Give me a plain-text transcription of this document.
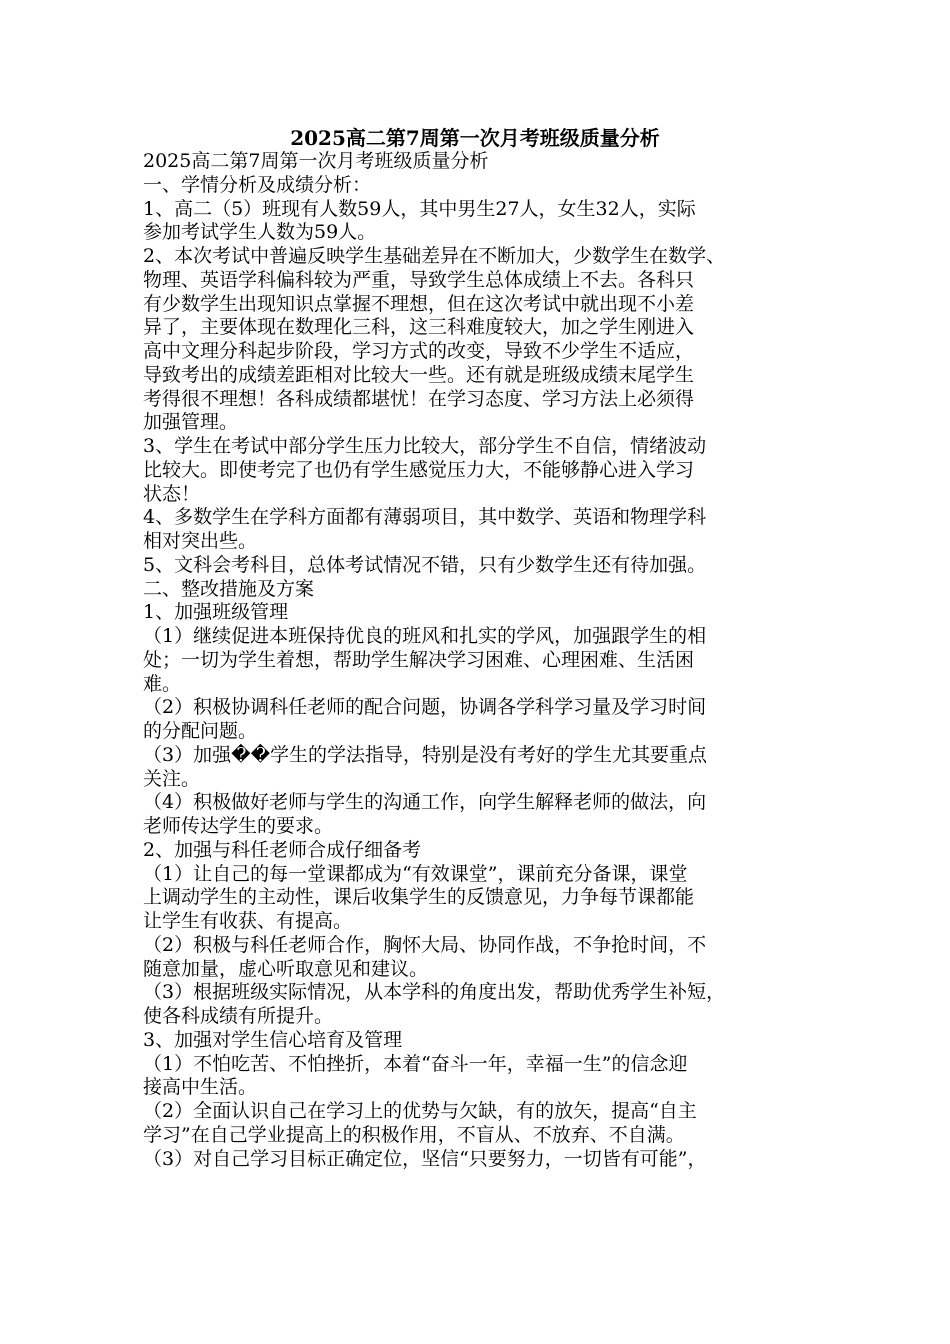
2025高二第7周第一次月考班级质量分析
2025高二第7周第一次月考班级质量分析
一、学情分析及成绩分析：
1、高二（5）班现有人数59人，其中男生27人，女生32人，实际
参加考试学生人数为59人。
2、本次考试中普遍反映学生基础差异在不断加大，少数学生在数学、
物理、英语学科偏科较为严重，导致学生总体成绩上不去。各科只
有少数学生出现知识点掌握不理想，但在这次考试中就出现不小差
异了，主要体现在数理化三科，这三科难度较大，加之学生刚进入
高中文理分科起步阶段，学习方式的改变，导致不少学生不适应，
导致考出的成绩差距相对比较大一些。还有就是班级成绩末尾学生
考得很不理想！各科成绩都堪忧！在学习态度、学习方法上必须得
加强管理。
3、学生在考试中部分学生压力比较大，部分学生不自信，情绪波动
比较大。即使考完了也仍有学生感觉压力大，不能够静心进入学习
状态！
4、多数学生在学科方面都有薄弱项目，其中数学、英语和物理学科
相对突出些。
5、文科会考科目，总体考试情况不错，只有少数学生还有待加强。
二、整改措施及方案
1、加强班级管理
（1）继续促进本班保持优良的班风和扎实的学风，加强跟学生的相
处；一切为学生着想，帮助学生解决学习困难、心理困难、生活困
难。
（2）积极协调科任老师的配合问题，协调各学科学习量及学习时间
的分配问题。
（3）加强��学生的学法指导，特别是没有考好的学生尤其要重点
关注。
（4）积极做好老师与学生的沟通工作，向学生解释老师的做法，向
老师传达学生的要求。
2、加强与科任老师合成仔细备考
（1）让自己的每一堂课都成为“有效课堂”，课前充分备课，课堂
上调动学生的主动性，课后收集学生的反馈意见，力争每节课都能
让学生有收获、有提高。
（2）积极与科任老师合作，胸怀大局、协同作战，不争抢时间，不
随意加量，虚心听取意见和建议。
（3）根据班级实际情况，从本学科的角度出发，帮助优秀学生补短，
使各科成绩有所提升。
3、加强对学生信心培育及管理
（1）不怕吃苦、不怕挫折，本着“奋斗一年，幸福一生”的信念迎
接高中生活。
（2）全面认识自己在学习上的优势与欠缺，有的放矢，提高“自主
学习”在自己学业提高上的积极作用，不盲从、不放弃、不自满。
（3）对自己学习目标正确定位，坚信“只要努力，一切皆有可能”，
